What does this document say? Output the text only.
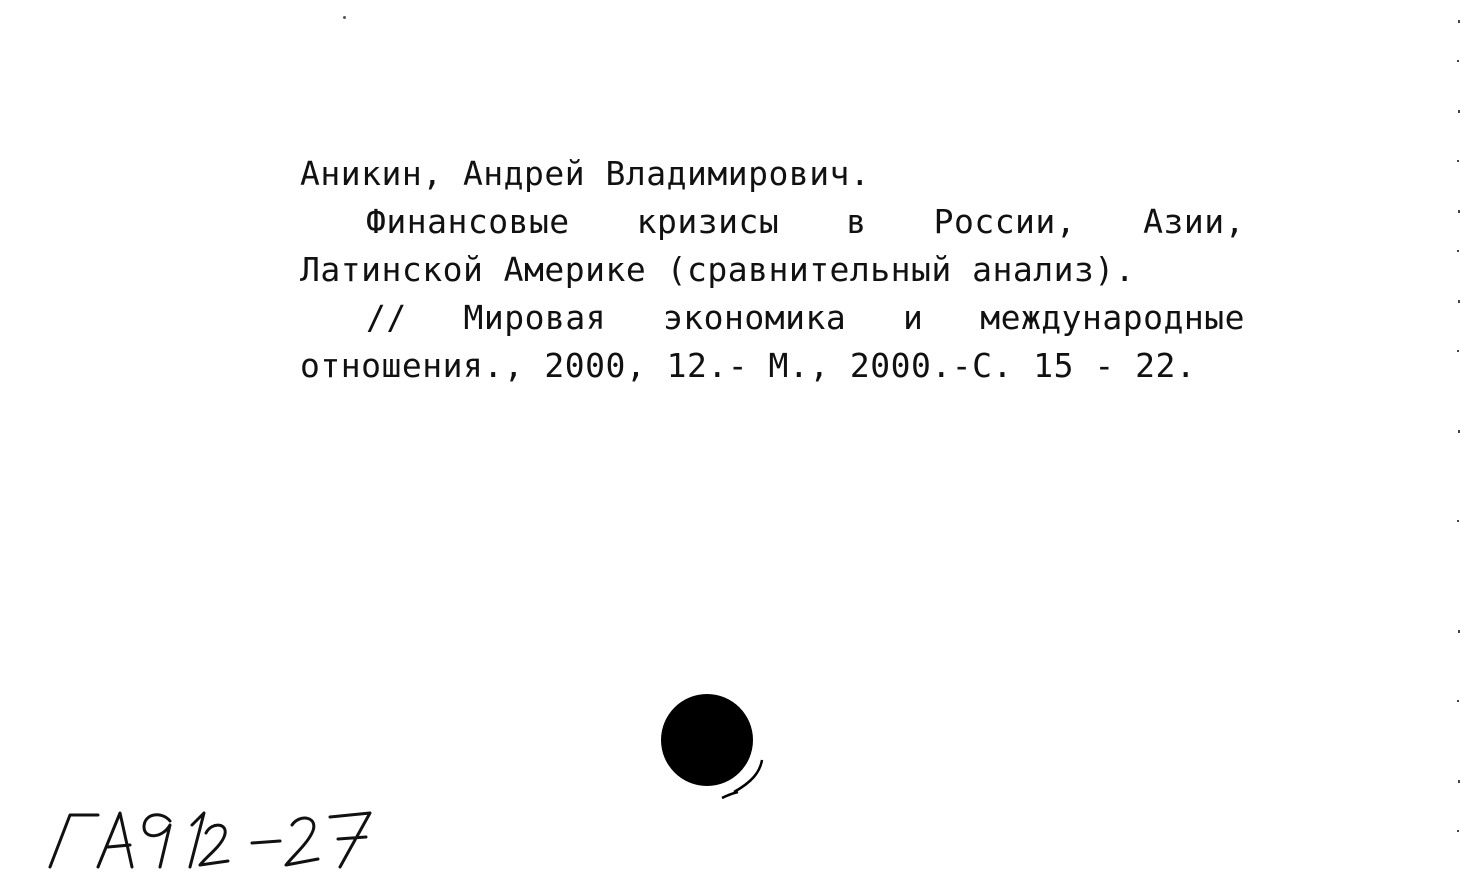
Аникин, Андрей Владимирович.
Финансовые кризисы в России, Азии, Латинской Америке (сравнительный анализ).
// Мировая экономика и международные отношения., 2000, 12.- М., 2000.-С. 15 - 22.
